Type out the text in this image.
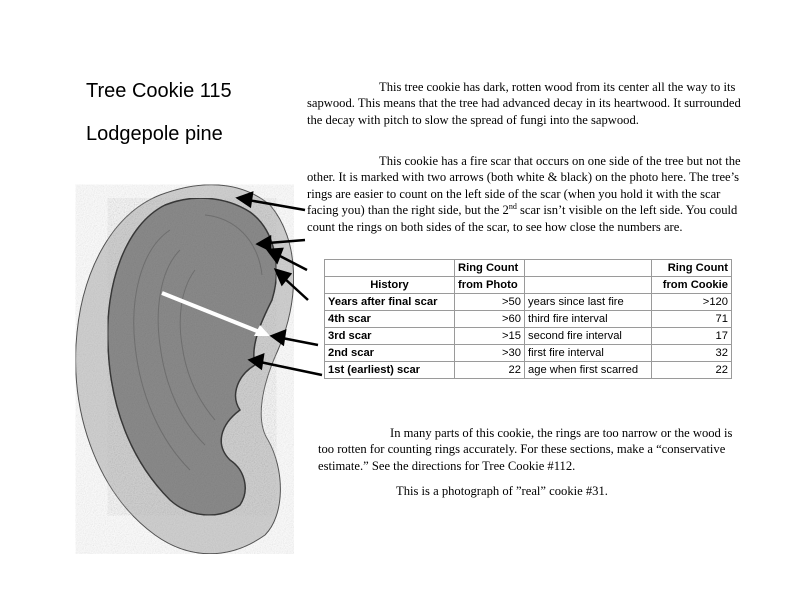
Tree Cookie 115
Lodgepole pine

This tree cookie has dark, rotten wood from its center all the way to its sapwood. This means that the tree had advanced decay in its heartwood. It surrounded the decay with pitch to slow the spread of fungi into the sapwood.

This cookie has a fire scar that occurs on one side of the tree but not the other. It is marked with two arrows (both white & black) on the photo here. The tree’s rings are easier to count on the left side of the scar (when you hold it with the scar facing you) than the right side, but the 2nd scar isn’t visible on the left side. You could count the rings on both sides of the scar, to see how close the numbers are.

	Ring Count		Ring Count
History	from Photo		from Cookie
Years after final scar	>50	years since last fire	>120
4th scar	>60	third fire interval	71
3rd scar	>15	second fire interval	17
2nd scar	>30	first fire interval	32
1st (earliest) scar	22	age when first scarred	22

In many parts of this cookie, the rings are too narrow or the wood is too rotten for counting rings accurately. For these sections, make a “conservative estimate.” See the directions for Tree Cookie #112.

This is a photograph of ”real” cookie #31.
